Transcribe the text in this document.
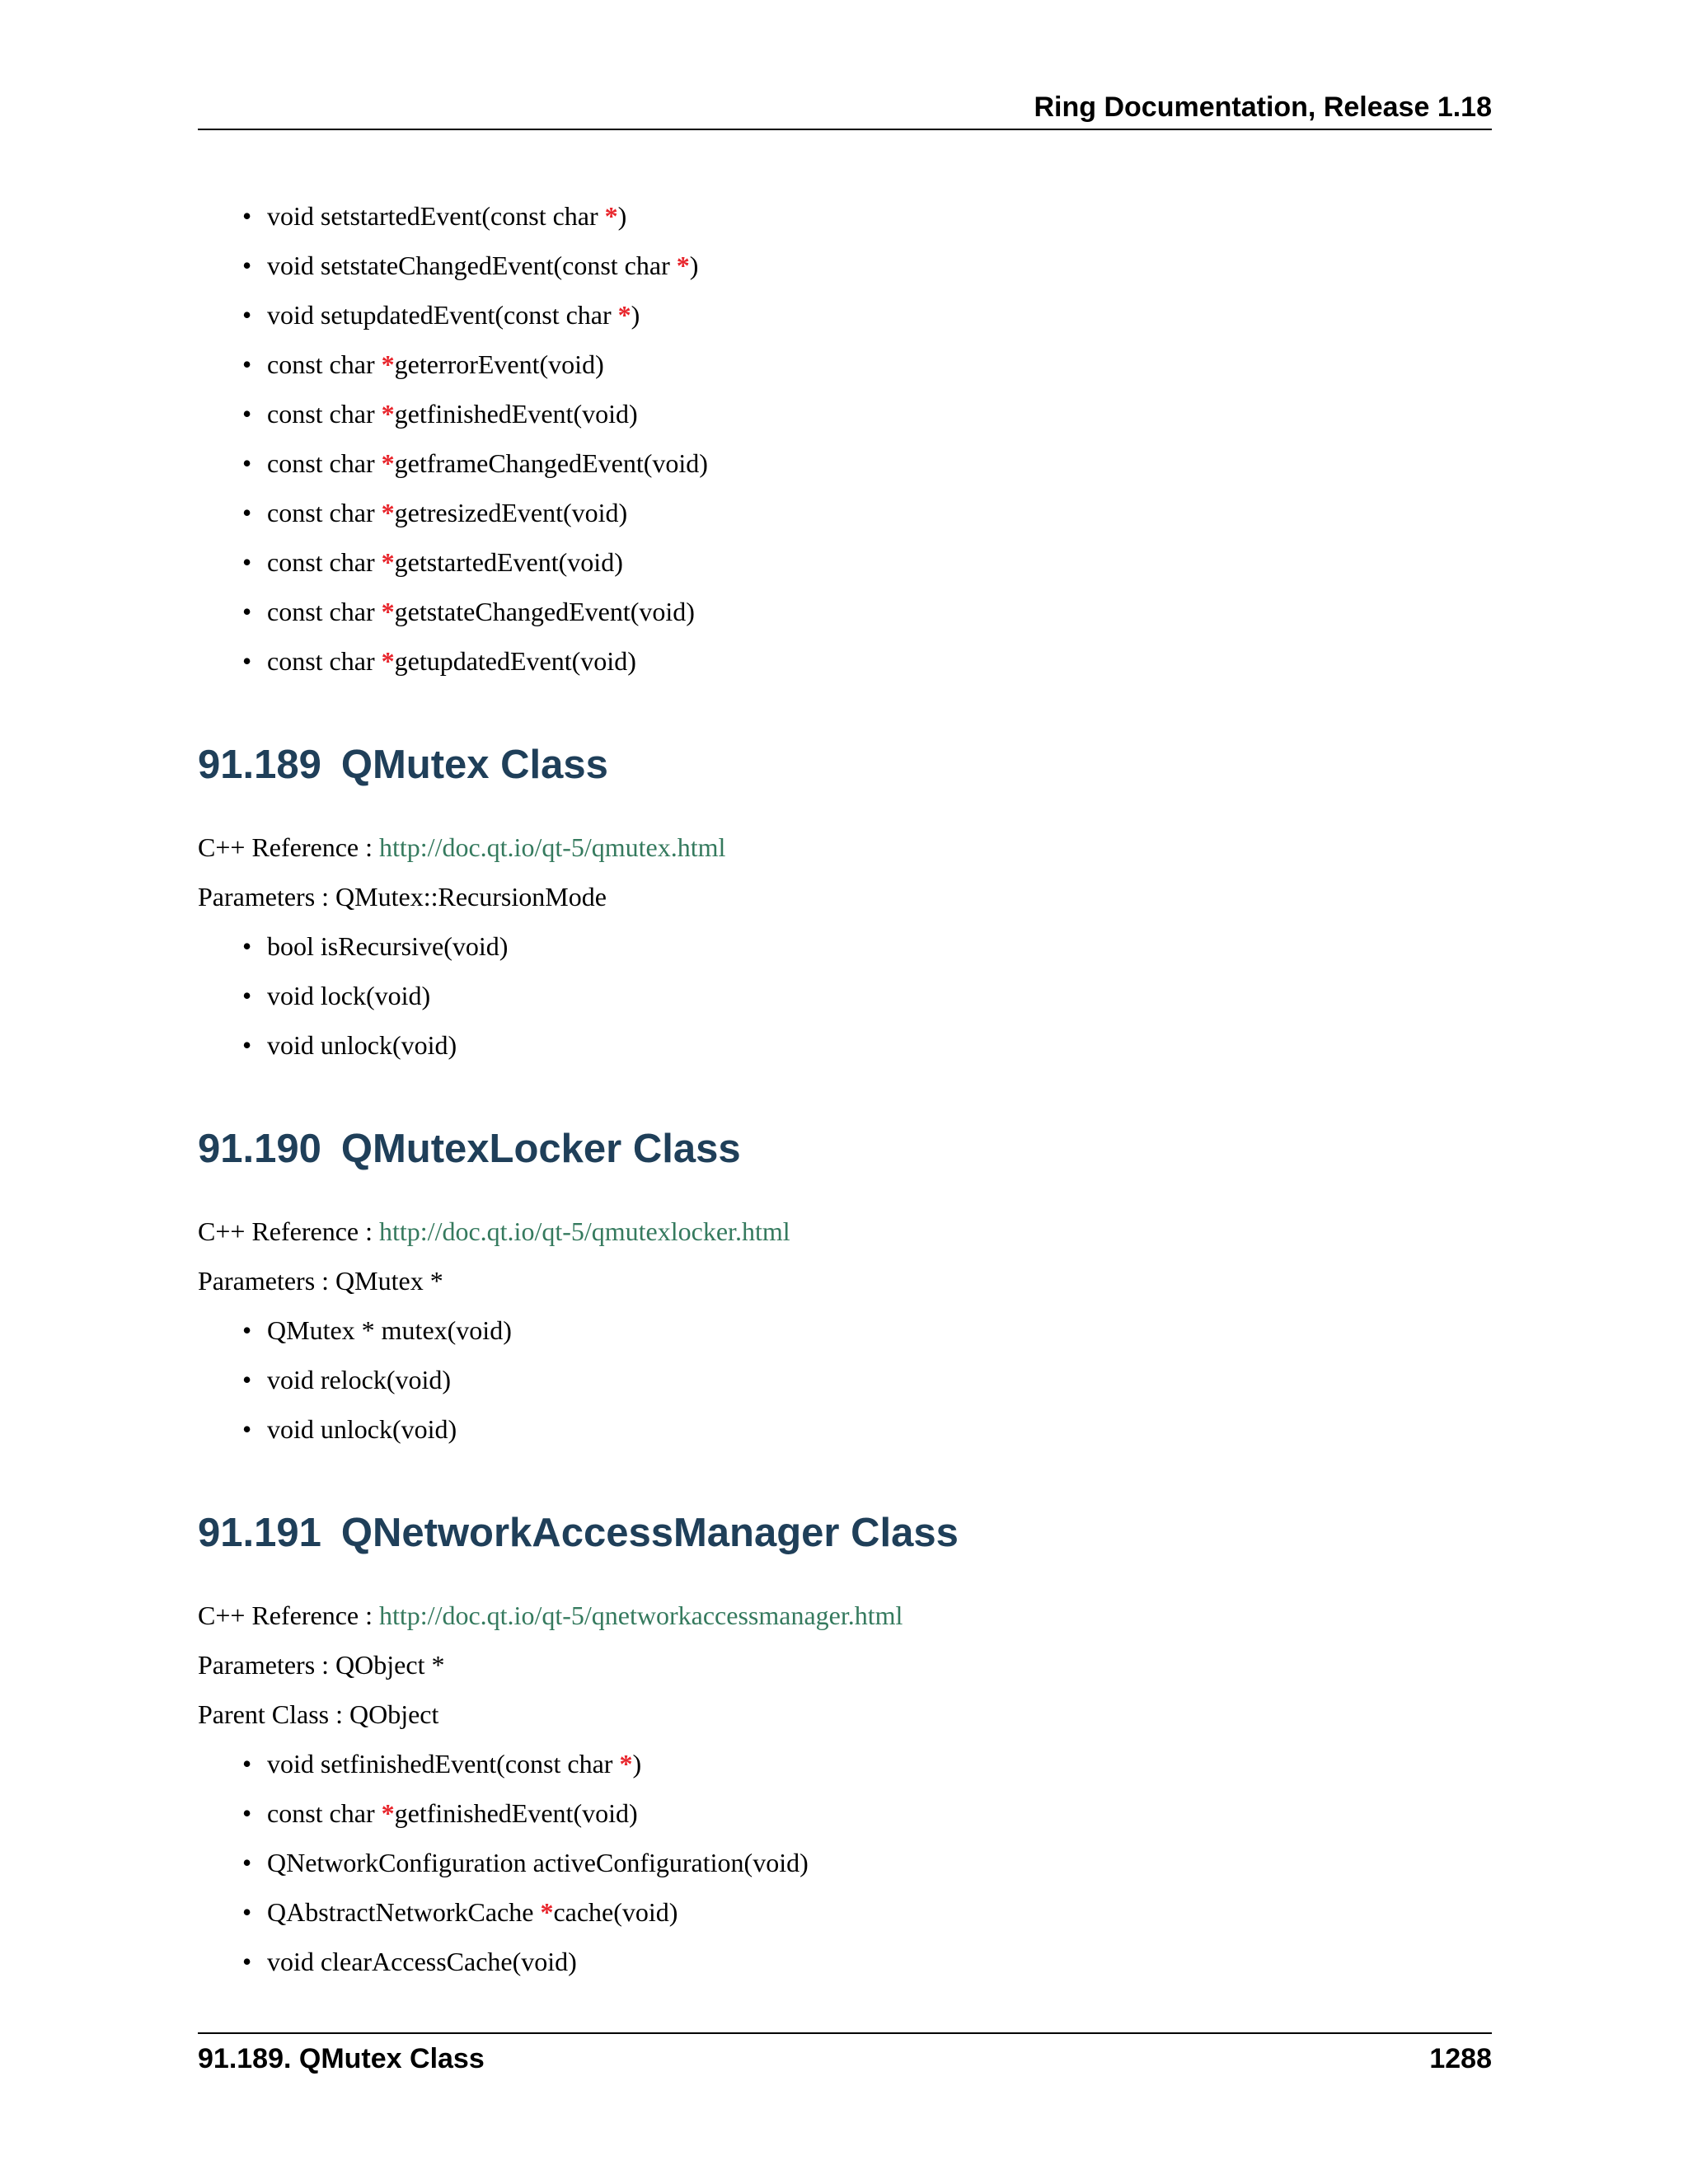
Ring Documentation, Release 1.18
• void setstartedEvent(const char *)
• void setstateChangedEvent(const char *)
• void setupdatedEvent(const char *)
• const char *geterrorEvent(void)
• const char *getfinishedEvent(void)
• const char *getframeChangedEvent(void)
• const char *getresizedEvent(void)
• const char *getstartedEvent(void)
• const char *getstateChangedEvent(void)
• const char *getupdatedEvent(void)
91.189 QMutex Class

C++ Reference : http://doc.qt.io/qt-5/qmutex.html

Parameters : QMutex::RecursionMode

• bool isRecursive(void)
• void lock(void)
• void unlock(void)
91.190 QMutexLocker Class

C++ Reference : http://doc.qt.io/qt-5/qmutexlocker.html

Parameters : QMutex *

• QMutex * mutex(void)
• void relock(void)
• void unlock(void)
91.191 QNetworkAccessManager Class

C++ Reference : http://doc.qt.io/qt-5/qnetworkaccessmanager.html

Parameters : QObject *

Parent Class : QObject

• void setfinishedEvent(const char *)
• const char *getfinishedEvent(void)
• QNetworkConfiguration activeConfiguration(void)
• QAbstractNetworkCache *cache(void)
• void clearAccessCache(void)
91.189. QMutex Class	1288
